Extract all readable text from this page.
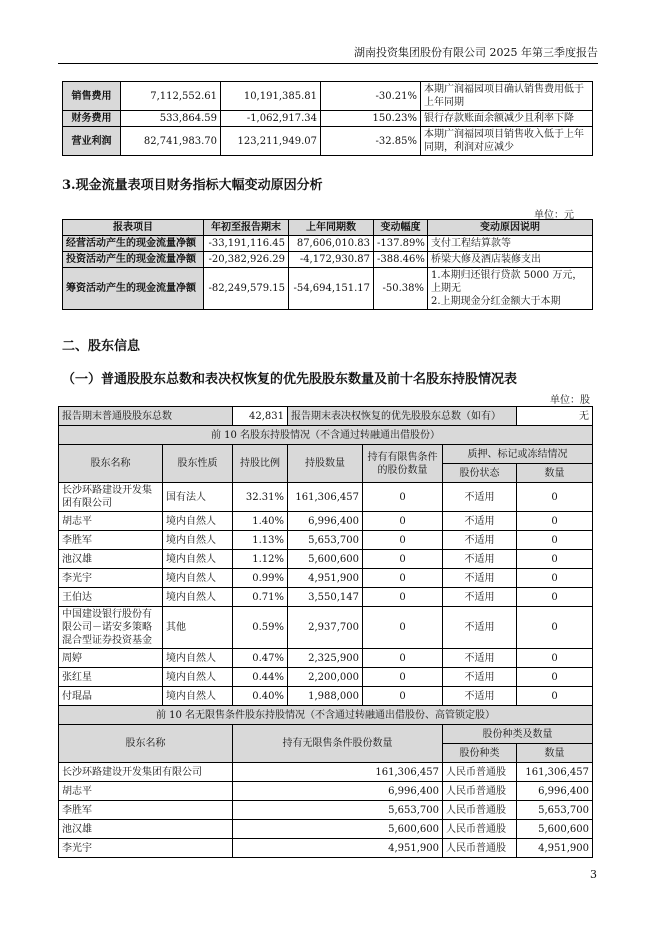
湖南投资集团股份有限公司 2025 年第三季度报告
销售费用	7,112,552.61	10,191,385.81	-30.21%	本期广润福园项目确认销售费用低于上年同期
财务费用	533,864.59	-1,062,917.34	150.23%	银行存款账面余额减少且利率下降
营业利润	82,741,983.70	123,211,949.07	-32.85%	本期广润福园项目销售收入低于上年同期，利润对应减少
3.现金流量表项目财务指标大幅变动原因分析
单位：元
报表项目	年初至报告期末	上年同期数	变动幅度	变动原因说明
经营活动产生的现金流量净额	-33,191,116.45	87,606,010.83	-137.89%	支付工程结算款等
投资活动产生的现金流量净额	-20,382,926.29	-4,172,930.87	-388.46%	桥梁大修及酒店装修支出
筹资活动产生的现金流量净额	-82,249,579.15	-54,694,151.17	-50.38%	1.本期归还银行贷款 5000 万元，上期无
2.上期现金分红金额大于本期
二、股东信息
（一）普通股股东总数和表决权恢复的优先股股东数量及前十名股东持股情况表
单位：股
报告期末普通股股东总数		42,831	报告期末表决权恢复的优先股股东总数（如有）			无
前 10 名股东持股情况（不含通过转融通出借股份）						
股东名称	股东性质	持股比例	持股数量	持有有限售条件的股份数量	质押、标记或冻结情况	
					股份状态	数量
长沙环路建设开发集团有限公司	国有法人	32.31%	161,306,457	0	不适用	0
胡志平	境内自然人	1.40%	6,996,400	0	不适用	0
李胜军	境内自然人	1.13%	5,653,700	0	不适用	0
池汉雄	境内自然人	1.12%	5,600,600	0	不适用	0
李光宇	境内自然人	0.99%	4,951,900	0	不适用	0
王伯达	境内自然人	0.71%	3,550,147	0	不适用	0
中国建设银行股份有限公司－诺安多策略混合型证券投资基金	其他	0.59%	2,937,700	0	不适用	0
周婷	境内自然人	0.47%	2,325,900	0	不适用	0
张红星	境内自然人	0.44%	2,200,000	0	不适用	0
付琨晶	境内自然人	0.40%	1,988,000	0	不适用	0
前 10 名无限售条件股东持股情况（不含通过转融通出借股份、高管锁定股）						
股东名称		持有无限售条件股份数量			股份种类及数量	
					股份种类	数量
长沙环路建设开发集团有限公司		161,306,457			人民币普通股	161,306,457
胡志平		6,996,400			人民币普通股	6,996,400
李胜军		5,653,700			人民币普通股	5,653,700
池汉雄		5,600,600			人民币普通股	5,600,600
李光宇		4,951,900			人民币普通股	4,951,900
3
